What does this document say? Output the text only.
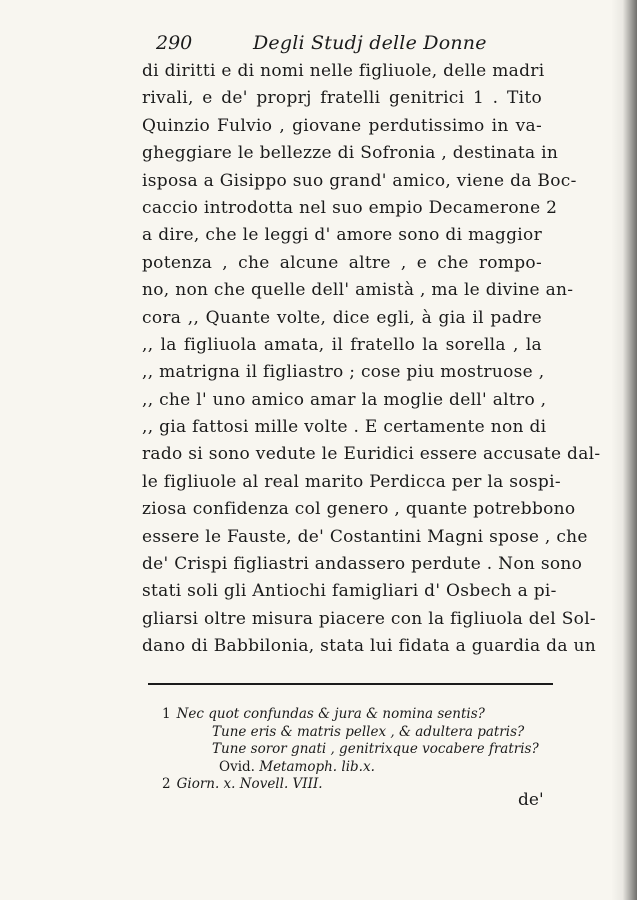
290	Degli Studj delle Donne
di diritti e di nomi nelle figliuole, delle madri
rivali, e de' proprj fratelli genitrici 1 . Tito
Quinzio Fulvio , giovane perdutissimo in va-
gheggiare le bellezze di Sofronia , destinata in
isposa a Gisippo suo grand' amico, viene da Boc-
caccio introdotta nel suo empio Decamerone 2
a dire, che le leggi d' amore sono di maggior
potenza , che alcune altre , e che rompo-
no, non che quelle dell' amistà , ma le divine an-
cora ,, Quante volte, dice egli, à gia il padre
,, la figliuola amata, il fratello la sorella , la
,, matrigna il figliastro ; cose piu mostruose ,
,, che l' uno amico amar la moglie dell' altro ,
,, gia fattosi mille volte . E certamente non di
rado si sono vedute le Euridici essere accusate dal-
le figliuole al real marito Perdicca per la sospi-
ziosa confidenza col genero , quante potrebbono
essere le Fauste, de' Costantini Magni spose , che
de' Crispi figliastri andassero perdute . Non sono
stati soli gli Antiochi famigliari d' Osbech a pi-
gliarsi oltre misura piacere con la figliuola del Sol-
dano di Babbilonia, stata lui fidata a guardia da un
1 Nec quot confundas & jura & nomina sentis?
Tune eris & matris pellex , & adultera patris?
Tune soror gnati , genitrixque vocabere fratris?
Ovid. Metamoph. lib.x.
2 Giorn. x. Novell. VIII.
de'
